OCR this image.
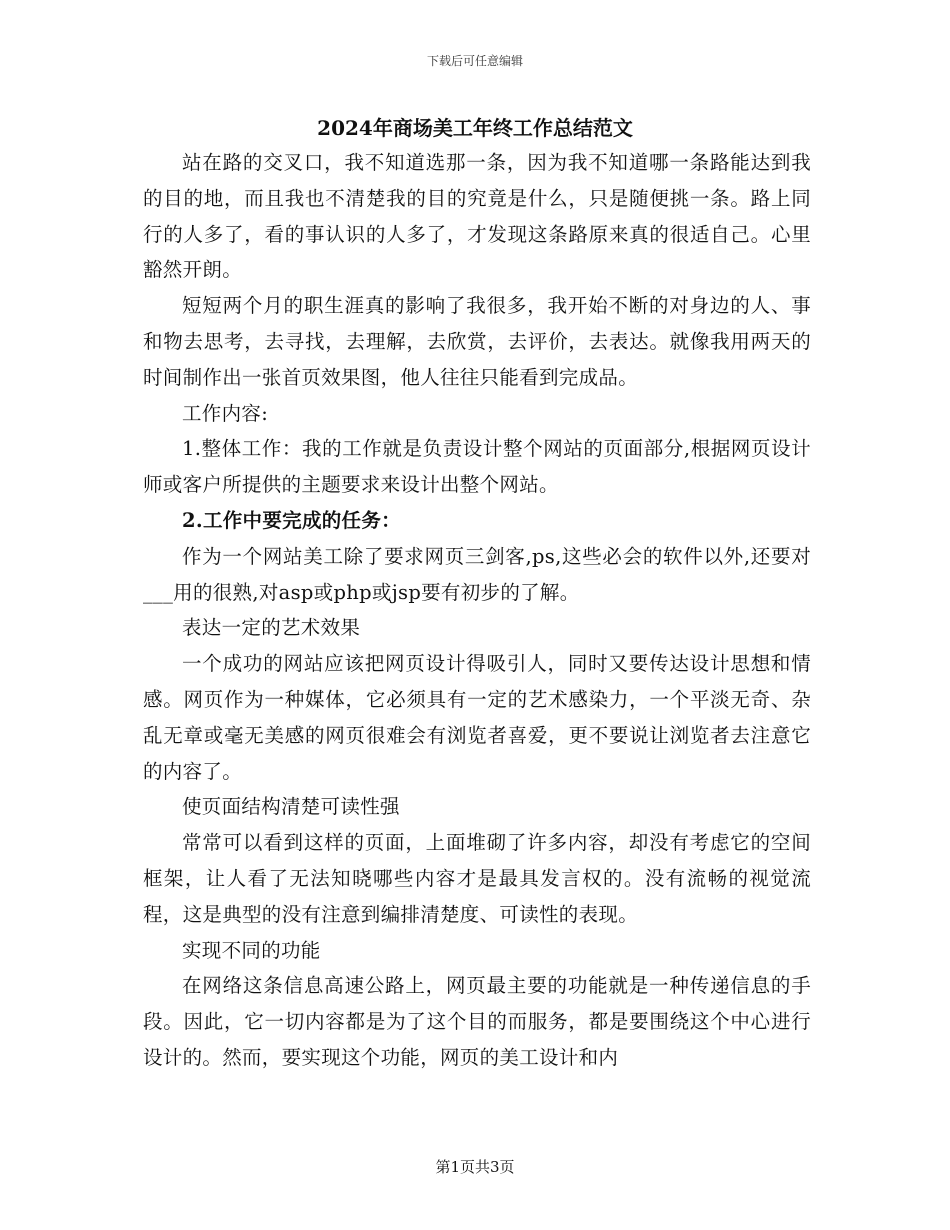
下载后可任意编辑
2024年商场美工年终工作总结范文

站在路的交叉口，我不知道选那一条，因为我不知道哪一条路能达到我的目的地，而且我也不清楚我的目的究竟是什么，只是随便挑一条。路上同行的人多了，看的事认识的人多了，才发现这条路原来真的很适自己。心里豁然开朗。

短短两个月的职生涯真的影响了我很多，我开始不断的对身边的人、事和物去思考，去寻找，去理解，去欣赏，去评价，去表达。就像我用两天的时间制作出一张首页效果图，他人往往只能看到完成品。

工作内容:

1.整体工作：我的工作就是负责设计整个网站的页面部分,根据网页设计师或客户所提供的主题要求来设计出整个网站。

2.工作中要完成的任务：

作为一个网站美工除了要求网页三剑客,ps,这些必会的软件以外,还要对___用的很熟,对asp或php或jsp要有初步的了解。

表达一定的艺术效果

一个成功的网站应该把网页设计得吸引人，同时又要传达设计思想和情感。网页作为一种媒体，它必须具有一定的艺术感染力，一个平淡无奇、杂乱无章或毫无美感的网页很难会有浏览者喜爱，更不要说让浏览者去注意它的内容了。

使页面结构清楚可读性强

常常可以看到这样的页面，上面堆砌了许多内容，却没有考虑它的空间框架，让人看了无法知晓哪些内容才是最具发言权的。没有流畅的视觉流程，这是典型的没有注意到编排清楚度、可读性的表现。

实现不同的功能

在网络这条信息高速公路上，网页最主要的功能就是一种传递信息的手段。因此，它一切内容都是为了这个目的而服务，都是要围绕这个中心进行设计的。然而，要实现这个功能，网页的美工设计和内

第1页共3页
